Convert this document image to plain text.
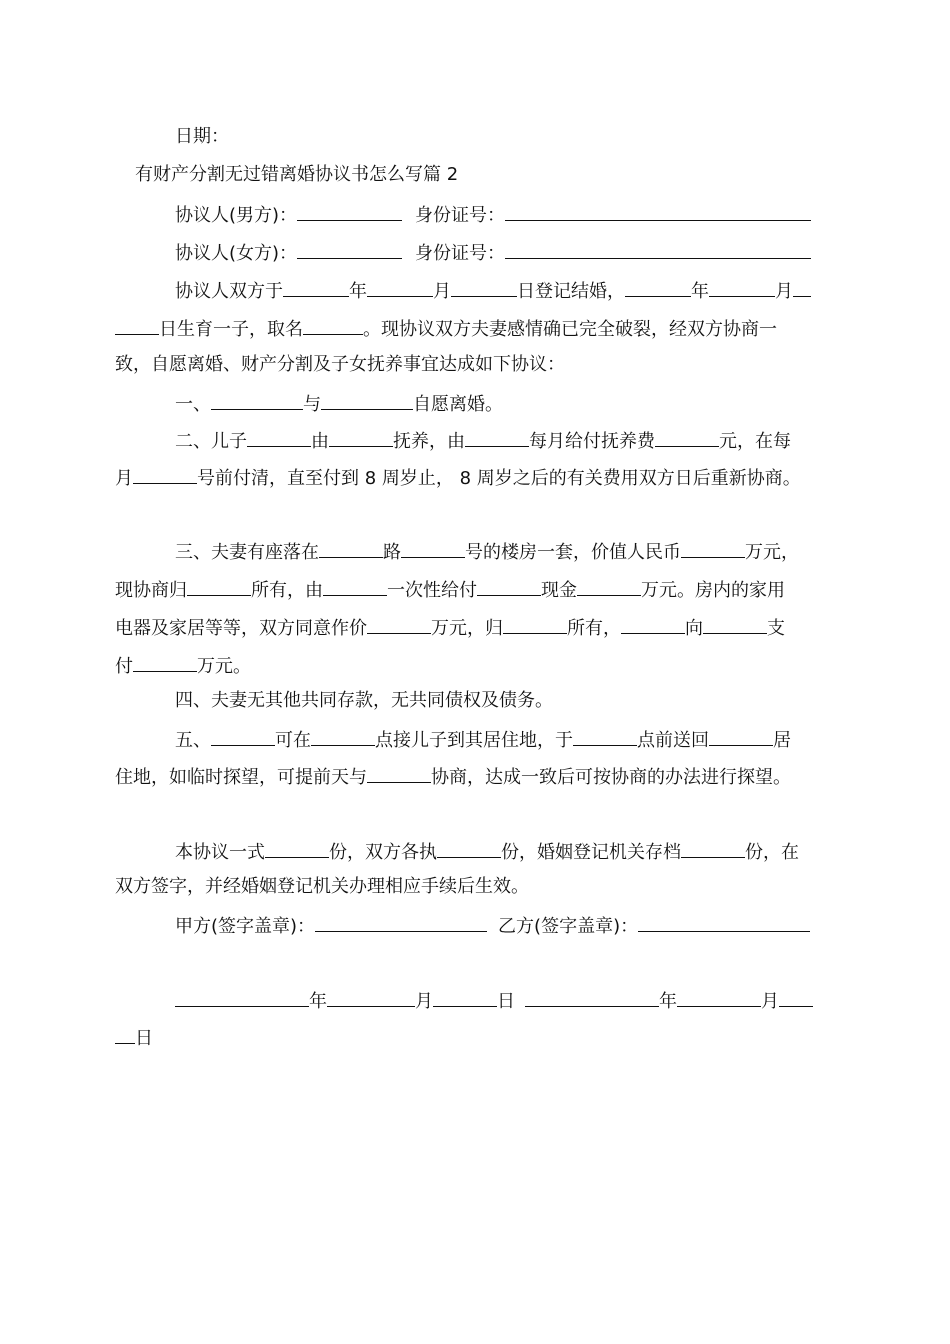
日期：
有财产分割无过错离婚协议书怎么写篇 2
协议人(男方)：	身份证号：
协议人(女方)：	身份证号：
协议人双方于	年	月	日登记结婚，	年	月
日生育一子，取名	。现协议双方夫妻感情确已完全破裂，经双方协商一
致，自愿离婚、财产分割及子女抚养事宜达成如下协议：
一、	与	自愿离婚。
二、儿子	由	抚养，由	每月给付抚养费	元，在每
月	号前付清，直至付到 8 周岁止， 8 周岁之后的有关费用双方日后重新协商。
三、夫妻有座落在	路	号的楼房一套，价值人民币	万元，
现协商归	所有，由	一次性给付	现金	万元。房内的家用
电器及家居等等，双方同意作价	万元，归	所有，	向	支
付	万元。
四、夫妻无其他共同存款，无共同债权及债务。
五、	可在	点接儿子到其居住地，于	点前送回	居
住地，如临时探望，可提前天与	协商，达成一致后可按协商的办法进行探望。
本协议一式	份，双方各执	份，婚姻登记机关存档	份，在
双方签字，并经婚姻登记机关办理相应手续后生效。
甲方(签字盖章)：	乙方(签字盖章)：
年	月	日	年	月
日
